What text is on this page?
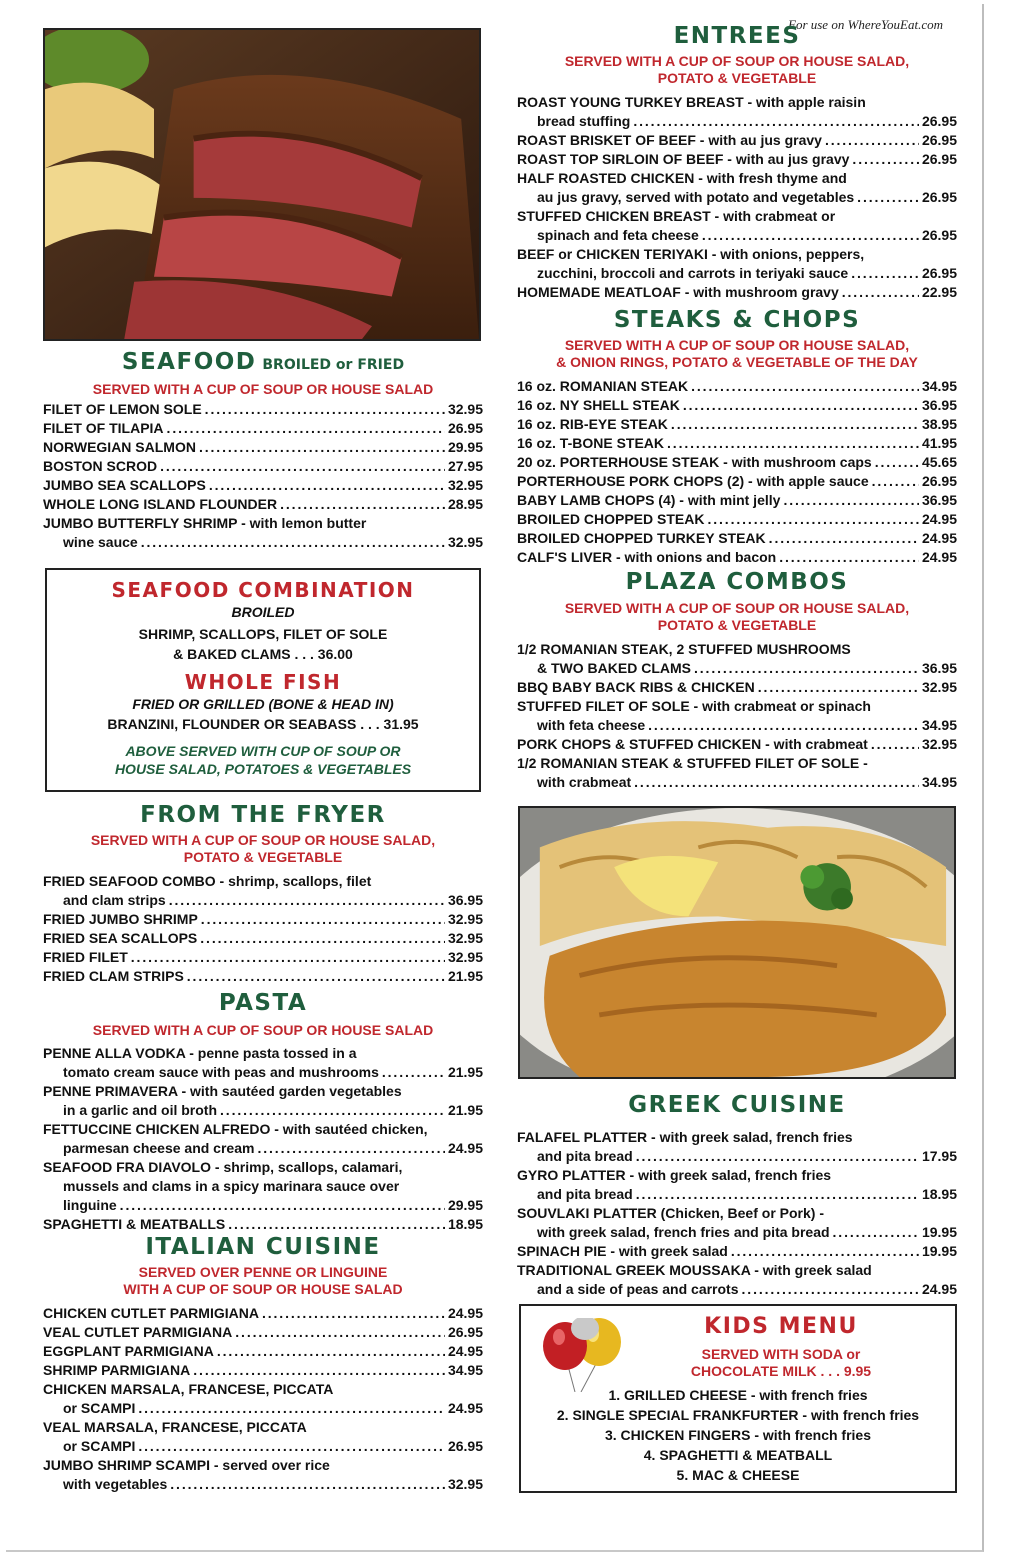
For use on WhereYouEat.com
SEAFOOD BROILED or FRIED
SERVED WITH A CUP OF SOUP OR HOUSE SALAD
FILET OF LEMON SOLE . . .	32.95
FILET OF TILAPIA . . .	26.95
NORWEGIAN SALMON . . .	29.95
BOSTON SCROD . . .	27.95
JUMBO SEA SCALLOPS . . .	32.95
WHOLE LONG ISLAND FLOUNDER . . .	28.95
JUMBO BUTTERFLY SHRIMP - with lemon butter
wine sauce . . .	32.95
SEAFOOD COMBINATION
BROILED
SHRIMP, SCALLOPS, FILET OF SOLE
& BAKED CLAMS . . . 36.00
WHOLE FISH
FRIED OR GRILLED (BONE & HEAD IN)
BRANZINI, FLOUNDER OR SEABASS . . . 31.95
ABOVE SERVED WITH CUP OF SOUP OR
HOUSE SALAD, POTATOES & VEGETABLES
FROM THE FRYER
SERVED WITH A CUP OF SOUP OR HOUSE SALAD,
POTATO & VEGETABLE
FRIED SEAFOOD COMBO - shrimp, scallops, filet
and clam strips . . .	36.95
FRIED JUMBO SHRIMP . . .	32.95
FRIED SEA SCALLOPS . . .	32.95
FRIED FILET . . .	32.95
FRIED CLAM STRIPS . . .	21.95
PASTA
SERVED WITH A CUP OF SOUP OR HOUSE SALAD
PENNE ALLA VODKA - penne pasta tossed in a
tomato cream sauce with peas and mushrooms . . .	21.95
PENNE PRIMAVERA - with sautéed garden vegetables
in a garlic and oil broth . . .	21.95
FETTUCCINE CHICKEN ALFREDO - with sautéed chicken,
parmesan cheese and cream . . .	24.95
SEAFOOD FRA DIAVOLO - shrimp, scallops, calamari,
mussels and clams in a spicy marinara sauce over
linguine . . .	29.95
SPAGHETTI & MEATBALLS . . .	18.95
ITALIAN CUISINE
SERVED OVER PENNE OR LINGUINE
WITH A CUP OF SOUP OR HOUSE SALAD
CHICKEN CUTLET PARMIGIANA . . .	24.95
VEAL CUTLET PARMIGIANA . . .	26.95
EGGPLANT PARMIGIANA . . .	24.95
SHRIMP PARMIGIANA . . .	34.95
CHICKEN MARSALA, FRANCESE, PICCATA
or SCAMPI . . .	24.95
VEAL MARSALA, FRANCESE, PICCATA
or SCAMPI . . .	26.95
JUMBO SHRIMP SCAMPI - served over rice
with vegetables . . .	32.95
ENTREES
SERVED WITH A CUP OF SOUP OR HOUSE SALAD,
POTATO & VEGETABLE
ROAST YOUNG TURKEY BREAST - with apple raisin
bread stuffing . . .	26.95
ROAST BRISKET OF BEEF - with au jus gravy . . .	26.95
ROAST TOP SIRLOIN OF BEEF - with au jus gravy . . .	26.95
HALF ROASTED CHICKEN - with fresh thyme and
au jus gravy, served with potato and vegetables . . .	26.95
STUFFED CHICKEN BREAST - with crabmeat or
spinach and feta cheese . . .	26.95
BEEF or CHICKEN TERIYAKI - with onions, peppers,
zucchini, broccoli and carrots in teriyaki sauce . . .	26.95
HOMEMADE MEATLOAF - with mushroom gravy . . .	22.95
STEAKS & CHOPS
SERVED WITH A CUP OF SOUP OR HOUSE SALAD,
& ONION RINGS, POTATO & VEGETABLE OF THE DAY
16 oz. ROMANIAN STEAK . . .	34.95
16 oz. NY SHELL STEAK . . .	36.95
16 oz. RIB-EYE STEAK . . .	38.95
16 oz. T-BONE STEAK . . .	41.95
20 oz. PORTERHOUSE STEAK - with mushroom caps . . .	45.65
PORTERHOUSE PORK CHOPS (2) - with apple sauce . . .	26.95
BABY LAMB CHOPS (4) - with mint jelly . . .	36.95
BROILED CHOPPED STEAK . . .	24.95
BROILED CHOPPED TURKEY STEAK . . .	24.95
CALF'S LIVER - with onions and bacon . . .	24.95
PLAZA COMBOS
SERVED WITH A CUP OF SOUP OR HOUSE SALAD,
POTATO & VEGETABLE
1/2 ROMANIAN STEAK, 2 STUFFED MUSHROOMS
& TWO BAKED CLAMS . . .	36.95
BBQ BABY BACK RIBS & CHICKEN . . .	32.95
STUFFED FILET OF SOLE - with crabmeat or spinach
with feta cheese . . .	34.95
PORK CHOPS & STUFFED CHICKEN - with crabmeat . . .	32.95
1/2 ROMANIAN STEAK & STUFFED FILET OF SOLE -
with crabmeat . . .	34.95
GREEK CUISINE
FALAFEL PLATTER - with greek salad, french fries
and pita bread . . .	17.95
GYRO PLATTER - with greek salad, french fries
and pita bread . . .	18.95
SOUVLAKI PLATTER (Chicken, Beef or Pork) -
with greek salad, french fries and pita bread . . .	19.95
SPINACH PIE - with greek salad . . .	19.95
TRADITIONAL GREEK MOUSSAKA - with greek salad
and a side of peas and carrots . . .	24.95
KIDS MENU
SERVED WITH SODA or
CHOCOLATE MILK . . . 9.95
1. GRILLED CHEESE - with french fries
2. SINGLE SPECIAL FRANKFURTER - with french fries
3. CHICKEN FINGERS - with french fries
4. SPAGHETTI & MEATBALL
5. MAC & CHEESE
